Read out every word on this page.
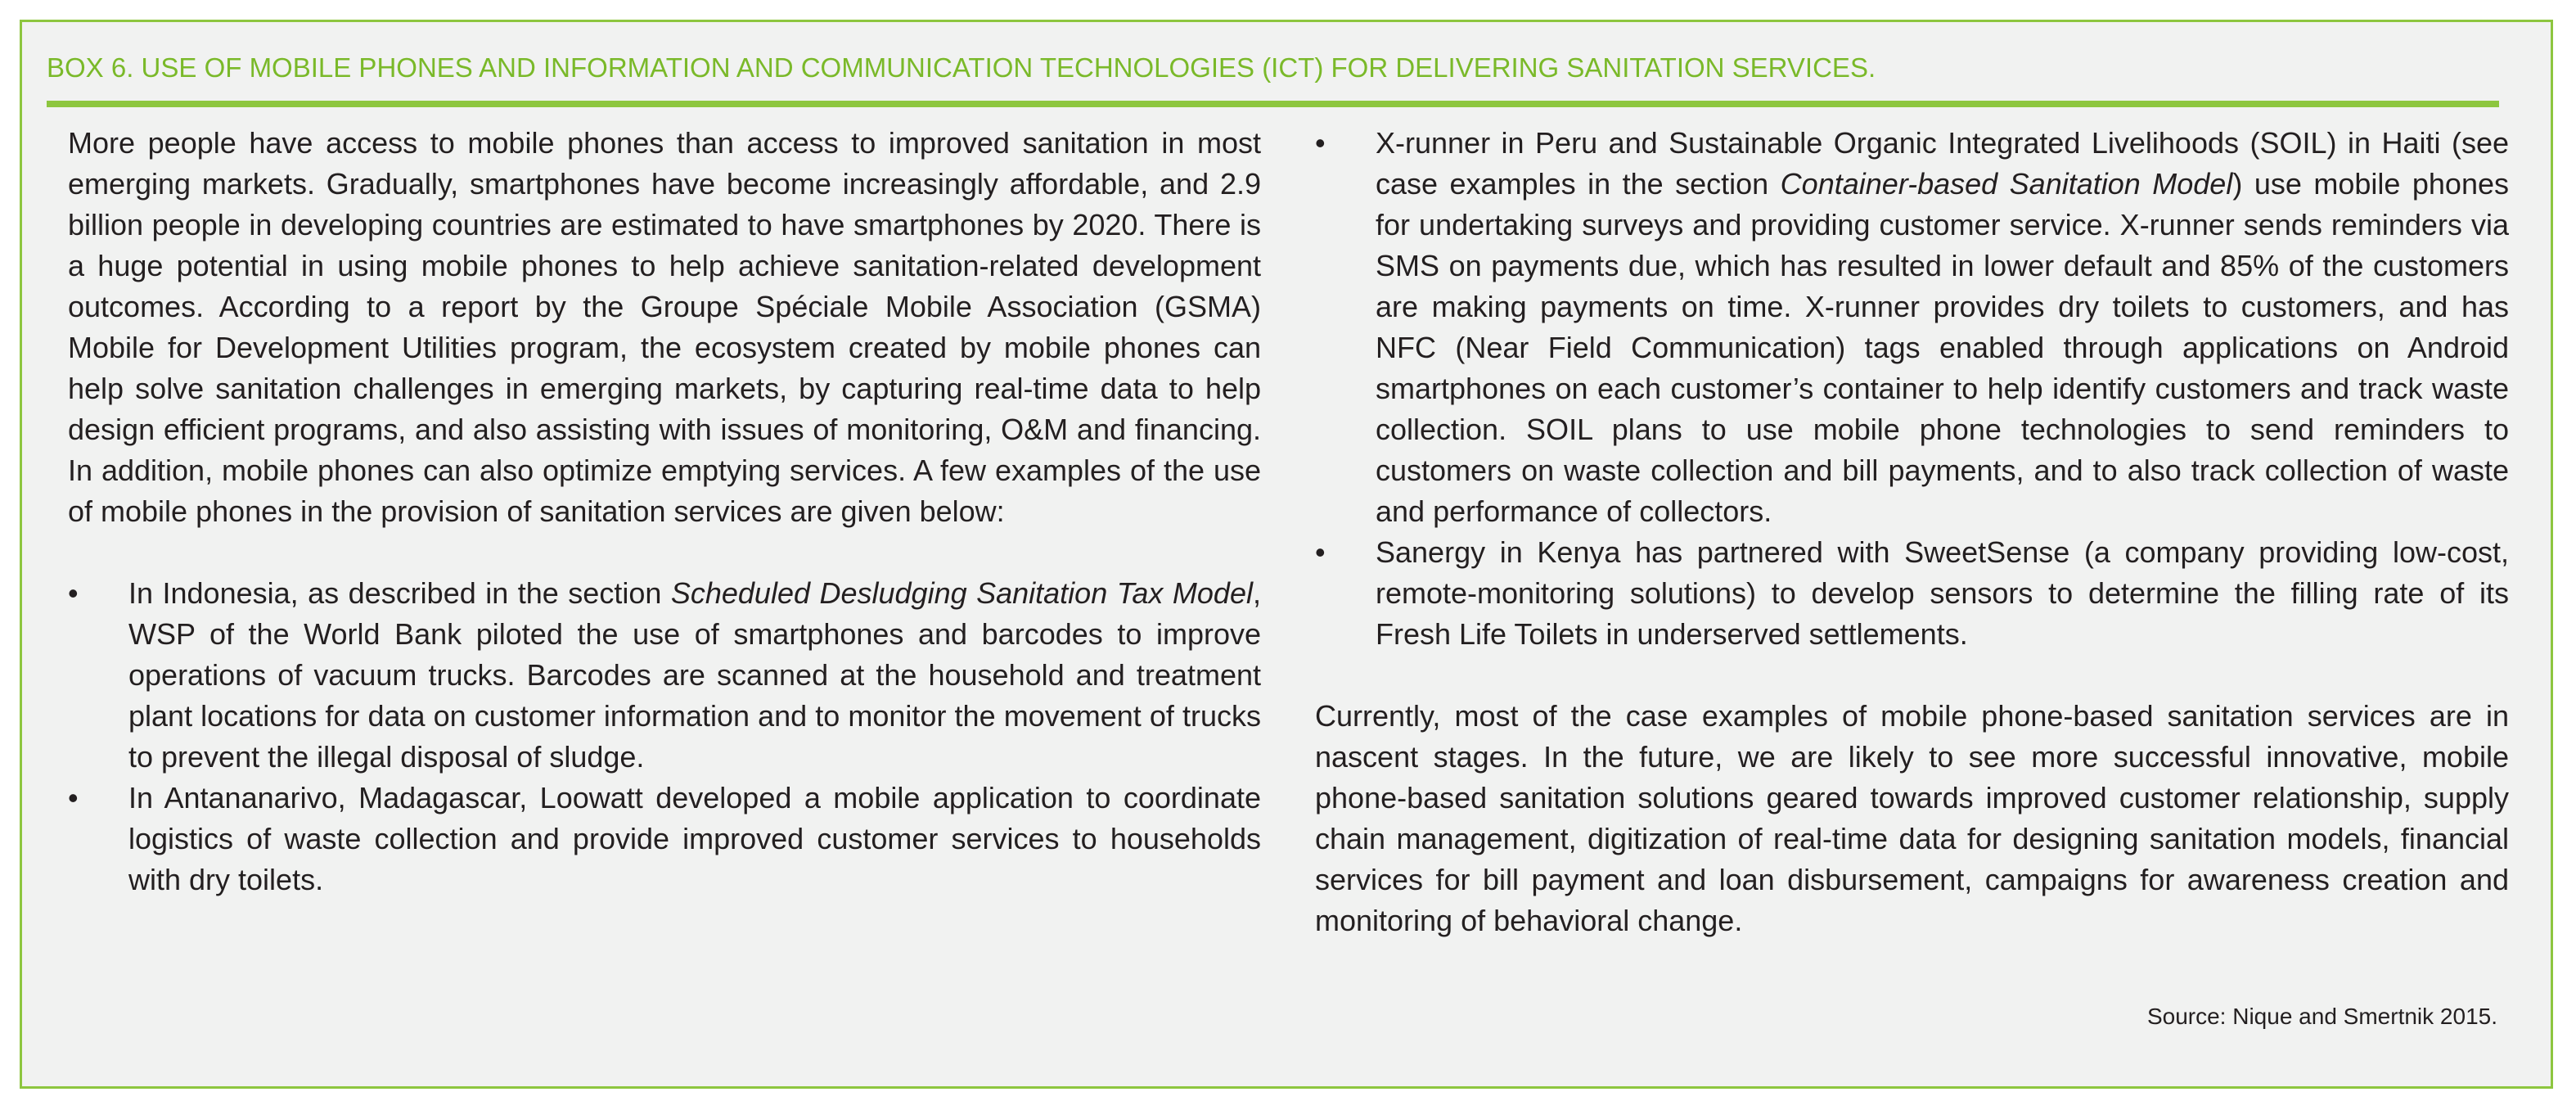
BOX 6. USE OF MOBILE PHONES AND INFORMATION AND COMMUNICATION TECHNOLOGIES (ICT) FOR DELIVERING SANITATION SERVICES.

More people have access to mobile phones than access to improved sanitation in most emerging markets. Gradually, smartphones have become increasingly affordable, and 2.9 billion people in developing countries are estimated to have smartphones by 2020. There is a huge potential in using mobile phones to help achieve sanitation-related development outcomes. According to a report by the Groupe Spéciale Mobile Association (GSMA) Mobile for Development Utilities program, the ecosystem created by mobile phones can help solve sanitation challenges in emerging markets, by capturing real-time data to help design efficient programs, and also assisting with issues of monitoring, O&M and financing. In addition, mobile phones can also optimize emptying services. A few examples of the use of mobile phones in the provision of sanitation services are given below:

•	In Indonesia, as described in the section Scheduled Desludging Sanitation Tax Model, WSP of the World Bank piloted the use of smartphones and barcodes to improve operations of vacuum trucks. Barcodes are scanned at the household and treatment plant locations for data on customer information and to monitor the movement of trucks to prevent the illegal disposal of sludge.
•	In Antananarivo, Madagascar, Loowatt developed a mobile application to coordinate logistics of waste collection and provide improved customer services to households with dry toilets.
•	X-runner in Peru and Sustainable Organic Integrated Livelihoods (SOIL) in Haiti (see case examples in the section Container-based Sanitation Model) use mobile phones for undertaking surveys and providing customer service. X-runner sends reminders via SMS on payments due, which has resulted in lower default and 85% of the customers are making payments on time. X-runner provides dry toilets to customers, and has NFC (Near Field Communication) tags enabled through applications on Android smartphones on each customer’s container to help identify customers and track waste collection. SOIL plans to use mobile phone technologies to send reminders to customers on waste collection and bill payments, and to also track collection of waste and performance of collectors.
•	Sanergy in Kenya has partnered with SweetSense (a company providing low-cost, remote-monitoring solutions) to develop sensors to determine the filling rate of its Fresh Life Toilets in underserved settlements.

Currently, most of the case examples of mobile phone-based sanitation services are in nascent stages. In the future, we are likely to see more successful innovative, mobile phone-based sanitation solutions geared towards improved customer relationship, supply chain management, digitization of real-time data for designing sanitation models, financial services for bill payment and loan disbursement, campaigns for awareness creation and monitoring of behavioral change.

Source: Nique and Smertnik 2015.
